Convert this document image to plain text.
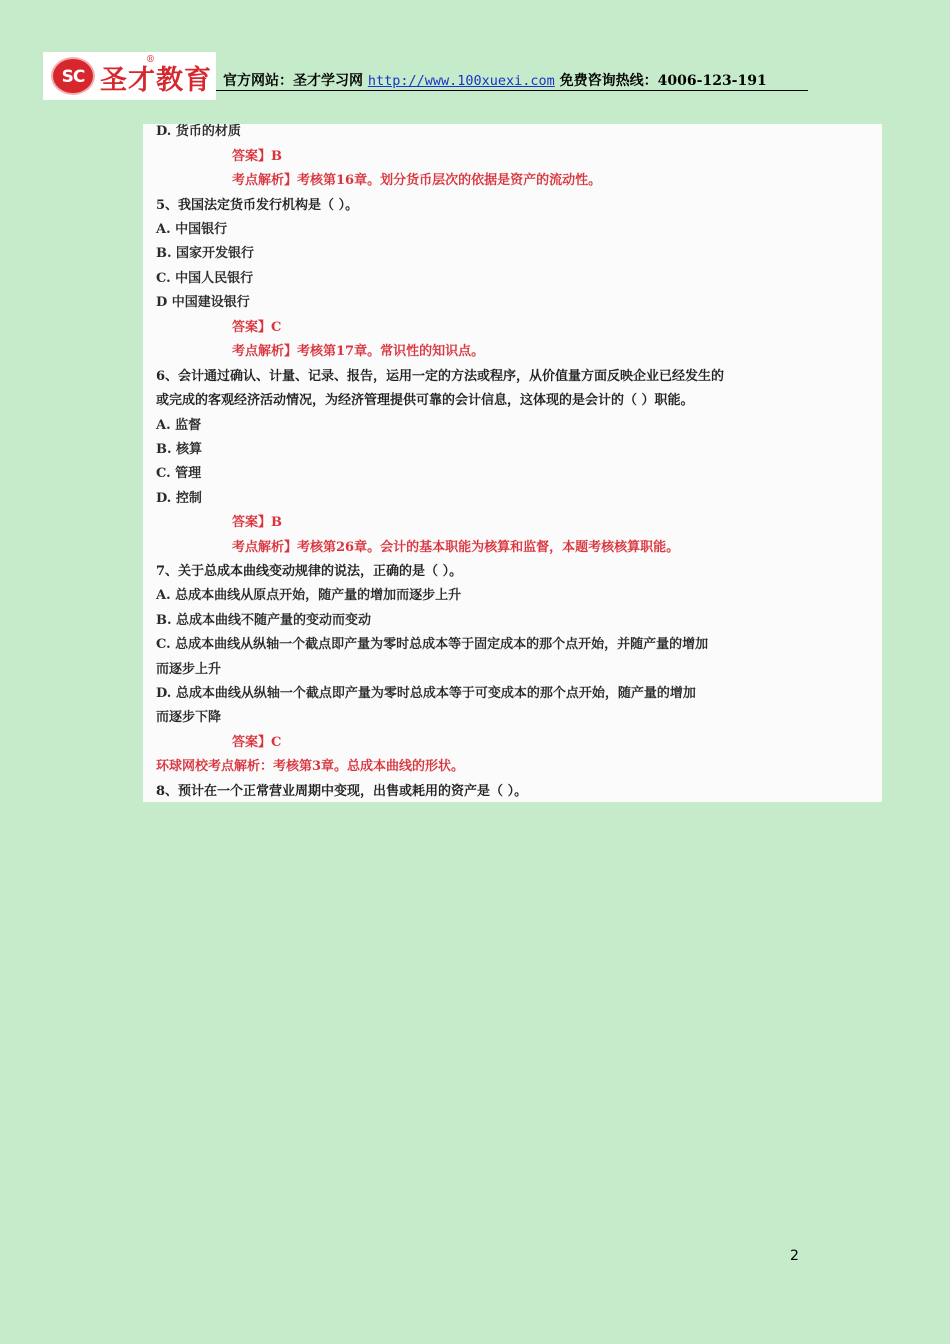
SC 圣才教育
®
官方网站：圣才学习网 http://www.100xuexi.com 免费咨询热线：4006-123-191
D. 货币的材质
答案】B
考点解析】考核第16章。划分货币层次的依据是资产的流动性。
5、我国法定货币发行机构是（ ）。
A. 中国银行
B. 国家开发银行
C. 中国人民银行
D 中国建设银行
答案】C
考点解析】考核第17章。常识性的知识点。
6、会计通过确认、计量、记录、报告，运用一定的方法或程序，从价值量方面反映企业已经发生的
或完成的客观经济活动情况，为经济管理提供可靠的会计信息，这体现的是会计的（ ）职能。
A. 监督
B. 核算
C. 管理
D. 控制
答案】B
考点解析】考核第26章。会计的基本职能为核算和监督，本题考核核算职能。
7、关于总成本曲线变动规律的说法，正确的是（ ）。
A. 总成本曲线从原点开始，随产量的增加而逐步上升
B. 总成本曲线不随产量的变动而变动
C. 总成本曲线从纵轴一个截点即产量为零时总成本等于固定成本的那个点开始，并随产量的增加
而逐步上升
D. 总成本曲线从纵轴一个截点即产量为零时总成本等于可变成本的那个点开始，随产量的增加
而逐步下降
答案】C
环球网校考点解析：考核第3章。总成本曲线的形状。
8、预计在一个正常营业周期中变现，出售或耗用的资产是（ ）。
2
